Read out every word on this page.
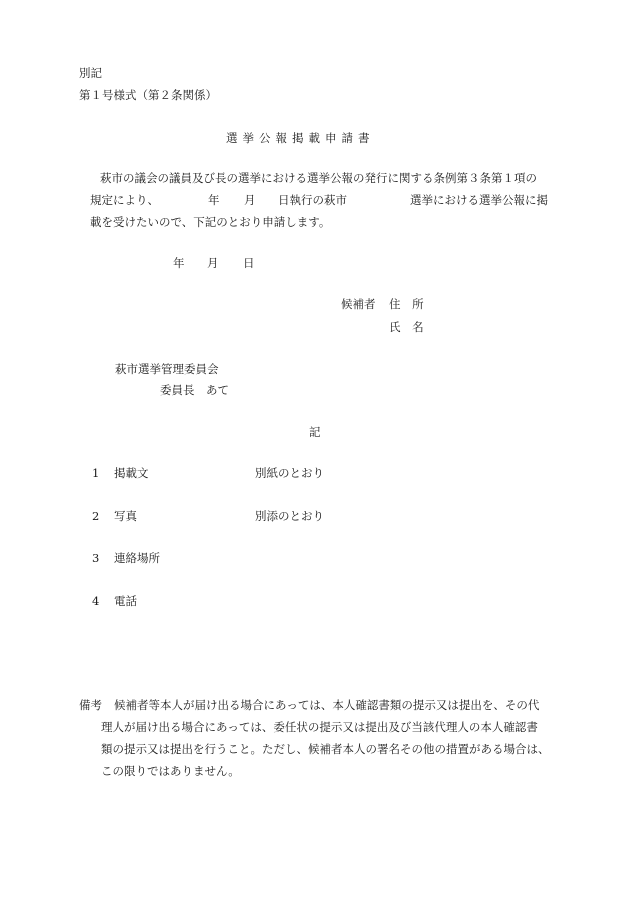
別記
第１号様式（第２条関係）
選挙公報掲載申請書
萩市の議会の議員及び長の選挙における選挙公報の発行に関する条例第３条第１項の
規定により、	年 月 日執行の萩市	選挙における選挙公報に掲
載を受けたいので、下記のとおり申請します。
年 月 日
候補者 住 所
氏 名
萩市選挙管理委員会
委員長　あて
記
1 掲載文	別紙のとおり
2 写真	別添のとおり
3 連絡場所
4 電話
備考 候補者等本人が届け出る場合にあっては、本人確認書類の提示又は提出を、その代
理人が届け出る場合にあっては、委任状の提示又は提出及び当該代理人の本人確認書
類の提示又は提出を行うこと。ただし、候補者本人の署名その他の措置がある場合は、
この限りではありません。
